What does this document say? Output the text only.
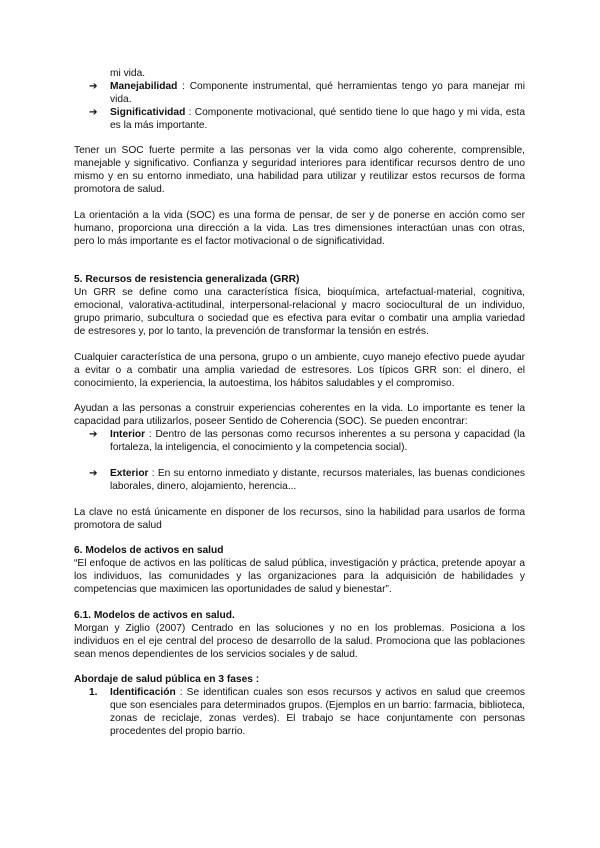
mi vida.

➔ Manejabilidad : Componente instrumental, qué herramientas tengo yo para manejar mi vida.
➔ Significatividad : Componente motivacional, qué sentido tiene lo que hago y mi vida, esta es la más importante.

Tener un SOC fuerte permite a las personas ver la vida como algo coherente, comprensible, manejable y significativo. Confianza y seguridad interiores para identificar recursos dentro de uno mismo y en su entorno inmediato, una habilidad para utilizar y reutilizar estos recursos de forma promotora de salud.

La orientación a la vida (SOC) es una forma de pensar, de ser y de ponerse en acción como ser humano, proporciona una dirección a la vida. Las tres dimensiones interactúan unas con otras, pero lo más importante es el factor motivacional o de significatividad.

5. Recursos de resistencia generalizada (GRR)

Un GRR se define como una característica física, bioquímica, artefactual-material, cognitiva, emocional, valorativa-actitudinal, interpersonal-relacional y macro sociocultural de un individuo, grupo primario, subcultura o sociedad que es efectiva para evitar o combatir una amplia variedad de estresores y, por lo tanto, la prevención de transformar la tensión en estrés.

Cualquier característica de una persona, grupo o un ambiente, cuyo manejo efectivo puede ayudar a evitar o a combatir una amplia variedad de estresores. Los típicos GRR son: el dinero, el conocimiento, la experiencia, la autoestima, los hábitos saludables y el compromiso.

Ayudan a las personas a construir experiencias coherentes en la vida. Lo importante es tener la capacidad para utilizarlos, poseer Sentido de Coherencia (SOC). Se pueden encontrar:

➔ Interior : Dentro de las personas como recursos inherentes a su persona y capacidad (la fortaleza, la inteligencia, el conocimiento y la competencia social).
➔ Exterior : En su entorno inmediato y distante, recursos materiales, las buenas condiciones laborales, dinero, alojamiento, herencia...

La clave no está únicamente en disponer de los recursos, sino la habilidad para usarlos de forma promotora de salud

6. Modelos de activos en salud

“El enfoque de activos en las políticas de salud pública, investigación y práctica, pretende apoyar a los individuos, las comunidades y las organizaciones para la adquisición de habilidades y competencias que maximicen las oportunidades de salud y bienestar”.

6.1. Modelos de activos en salud.

Morgan y Ziglio (2007) Centrado en las soluciones y no en los problemas. Posiciona a los individuos en el eje central del proceso de desarrollo de la salud. Promociona que las poblaciones sean menos dependientes de los servicios sociales y de salud.

Abordaje de salud pública en 3 fases :

1. Identificación : Se identifican cuales son esos recursos y activos en salud que creemos que son esenciales para determinados grupos. (Ejemplos en un barrio: farmacia, biblioteca, zonas de reciclaje, zonas verdes). El trabajo se hace conjuntamente con personas procedentes del propio barrio.
